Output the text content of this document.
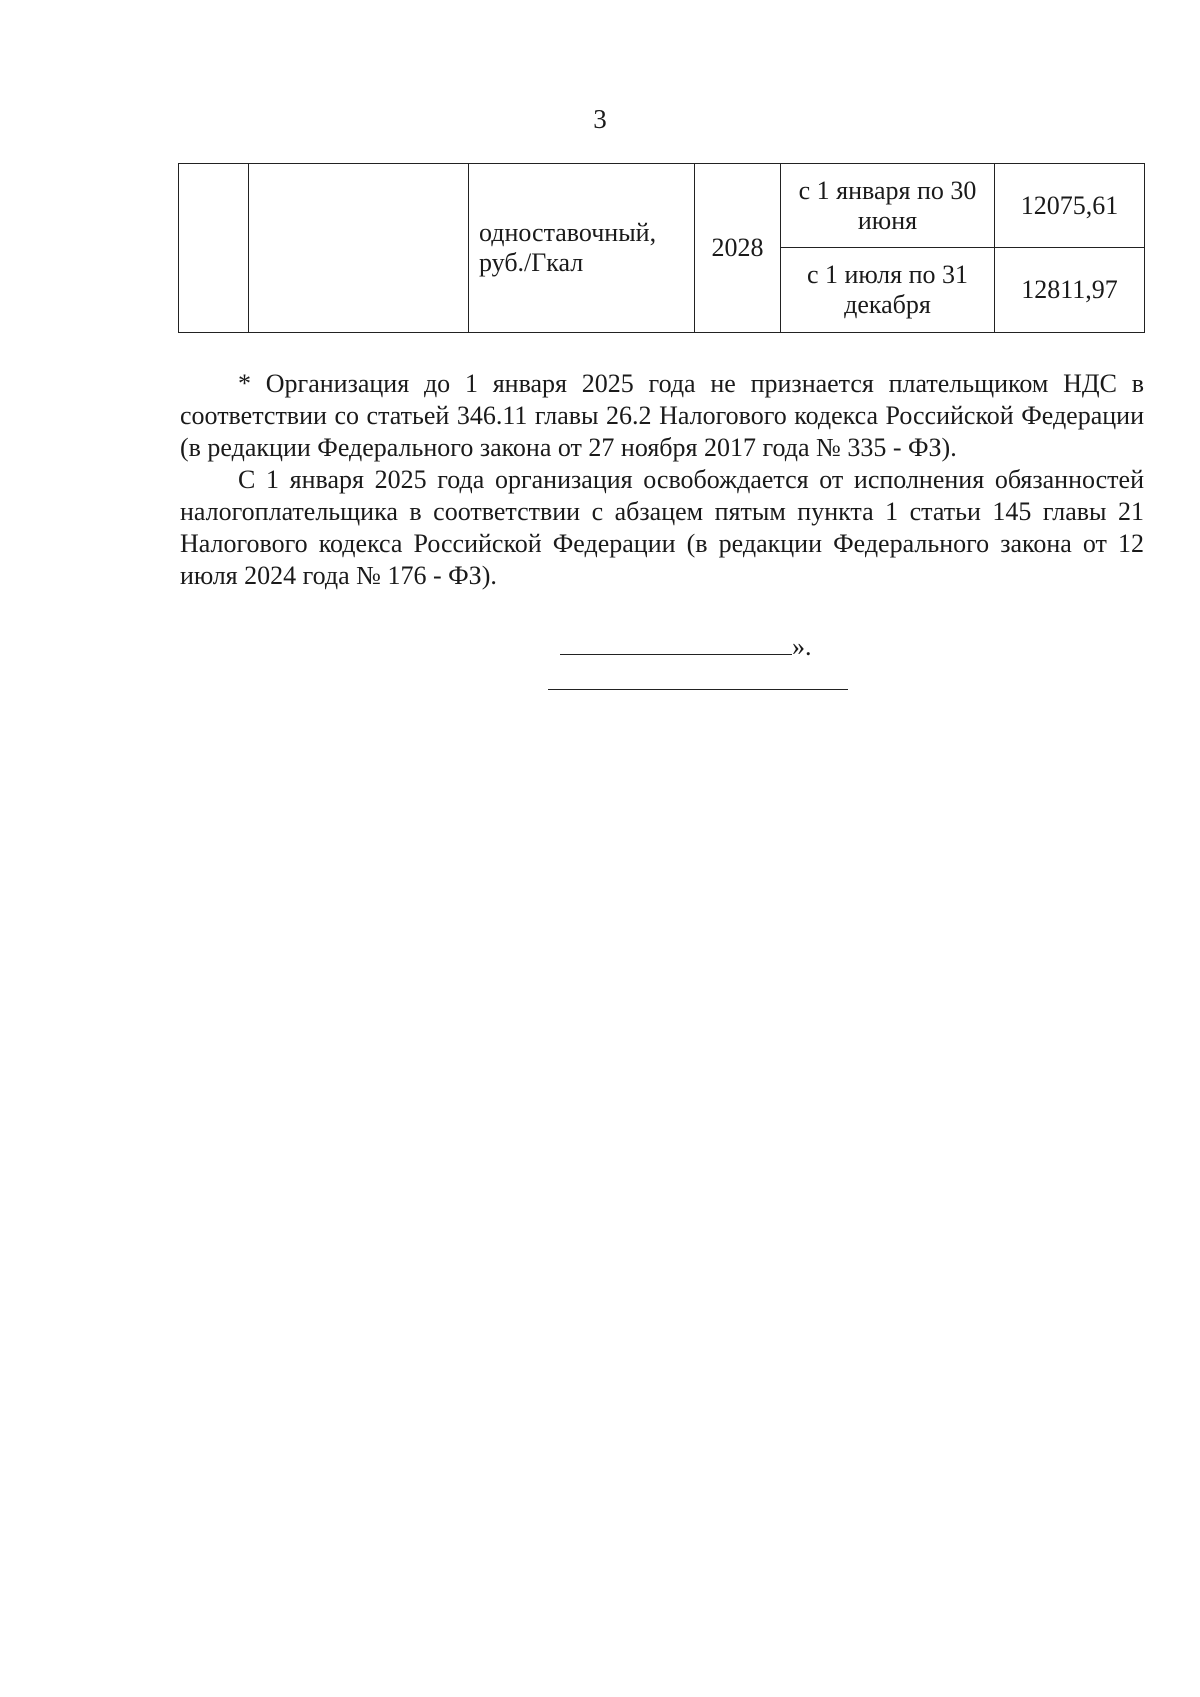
3
		одноставочный, руб./Гкал	2028	с 1 января по 30 июня	12075,61
				с 1 июля по 31 декабря	12811,97

* Организация до 1 января 2025 года не признается плательщиком НДС в соответствии со статьей 346.11 главы 26.2 Налогового кодекса Российской Федерации (в редакции Федерального закона от 27 ноября 2017 года № 335 - ФЗ).

С 1 января 2025 года организация освобождается от исполнения обязанностей налогоплательщика в соответствии с абзацем пятым пункта 1 статьи 145 главы 21 Налогового кодекса Российской Федерации (в редакции Федерального закона от 12 июля 2024 года № 176 - ФЗ).

».
